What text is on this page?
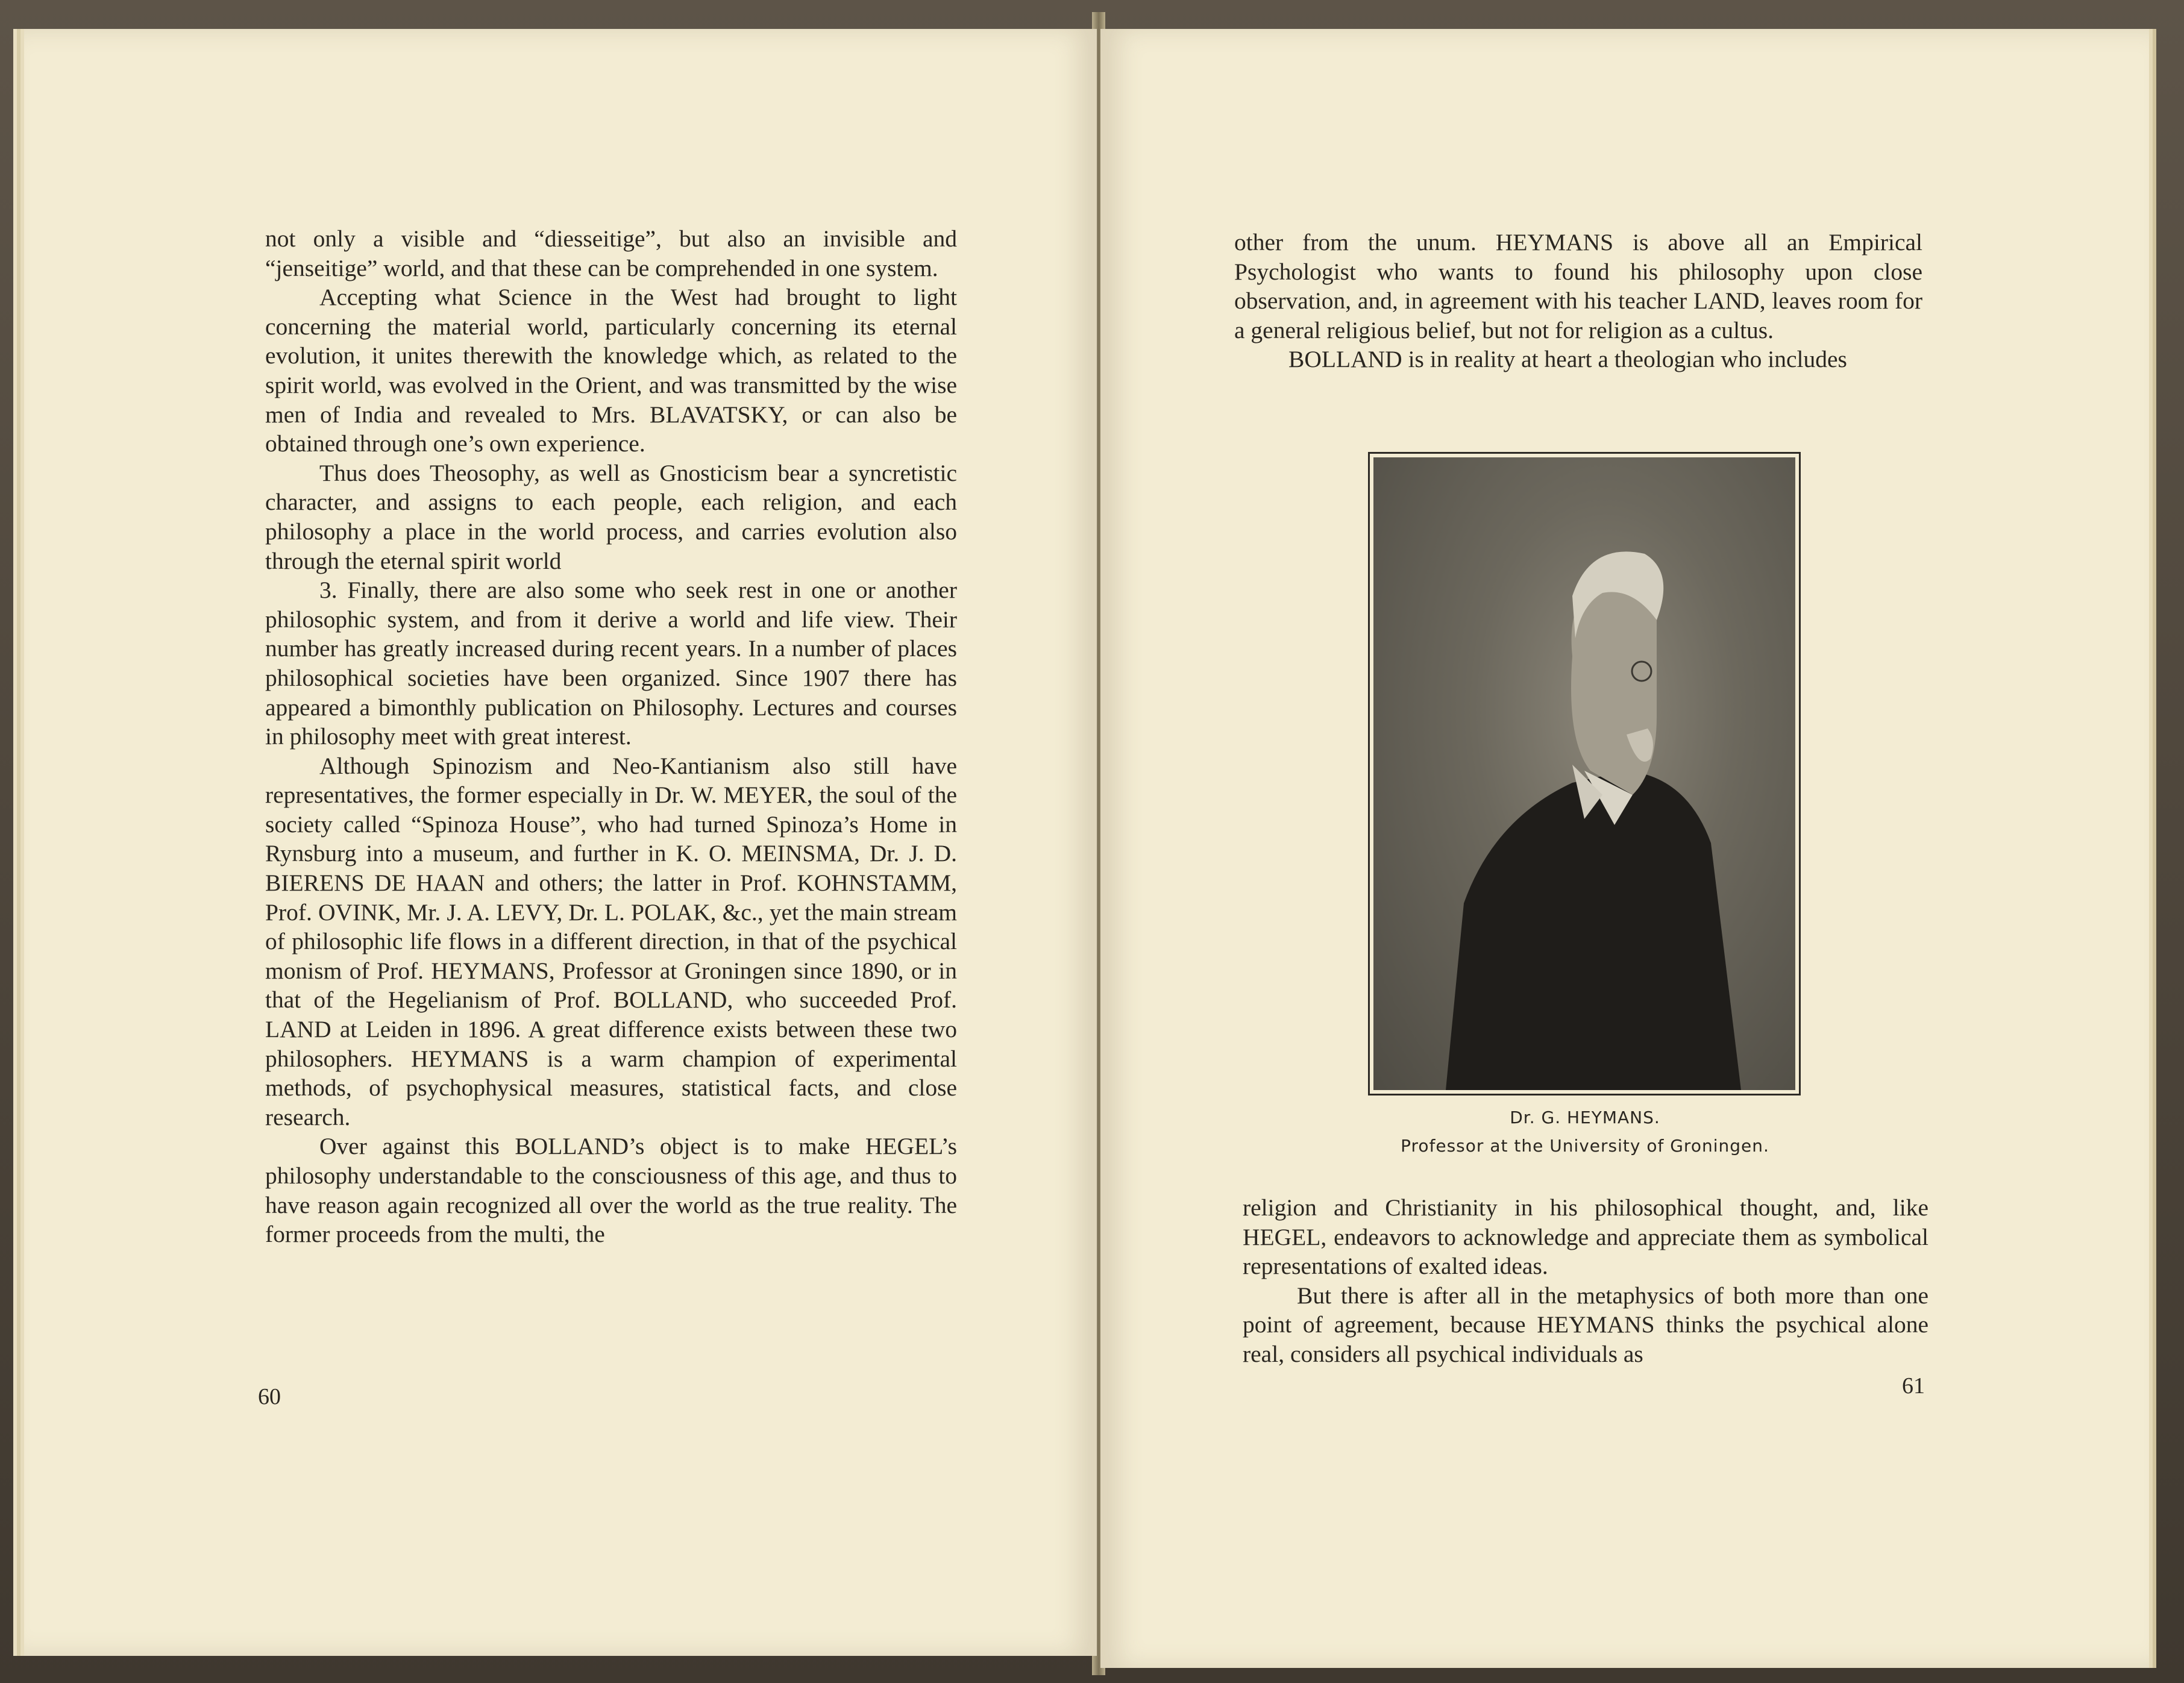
not only a visible and “diesseitige”, but also an invisible and “jenseitige” world, and that these can be comprehended in one system.

Accepting what Science in the West had brought to light concerning the material world, particularly concerning its eternal evolution, it unites therewith the knowledge which, as related to the spirit world, was evolved in the Orient, and was transmitted by the wise men of India and revealed to Mrs. BLAVATSKY, or can also be obtained through one’s own experience.

Thus does Theosophy, as well as Gnosticism bear a syncretistic character, and assigns to each people, each religion, and each philosophy a place in the world process, and carries evolution also through the eternal spirit world

3. Finally, there are also some who seek rest in one or another philosophic system, and from it derive a world and life view. Their number has greatly increased during recent years. In a number of places philosophical societies have been organized. Since 1907 there has appeared a bimonthly publication on Philosophy. Lectures and courses in philosophy meet with great interest.

Although Spinozism and Neo-Kantianism also still have representatives, the former especially in Dr. W. MEYER, the soul of the society called “Spinoza House”, who had turned Spinoza’s Home in Rynsburg into a museum, and further in K. O. MEINSMA, Dr. J. D. BIERENS DE HAAN and others; the latter in Prof. KOHNSTAMM, Prof. OVINK, Mr. J. A. LEVY, Dr. L. POLAK, &c., yet the main stream of philosophic life flows in a different direction, in that of the psychical monism of Prof. HEYMANS, Professor at Groningen since 1890, or in that of the Hegelianism of Prof. BOLLAND, who succeeded Prof. LAND at Leiden in 1896. A great difference exists between these two philosophers. HEYMANS is a warm champion of experimental methods, of psychophysical measures, statistical facts, and close research.

Over against this BOLLAND’s object is to make HEGEL’s philosophy understandable to the consciousness of this age, and thus to have reason again recognized all over the world as the true reality. The former proceeds from the multi, the

60

other from the unum. HEYMANS is above all an Empirical Psychologist who wants to found his philosophy upon close observation, and, in agreement with his teacher LAND, leaves room for a general religious belief, but not for religion as a cultus.

BOLLAND is in reality at heart a theologian who includes

Dr. G. HEYMANS.
Professor at the University of Groningen.

religion and Christianity in his philosophical thought, and, like HEGEL, endeavors to acknowledge and appreciate them as symbolical representations of exalted ideas.

But there is after all in the metaphysics of both more than one point of agreement, because HEYMANS thinks the psychical alone real, considers all psychical individuals as

61
